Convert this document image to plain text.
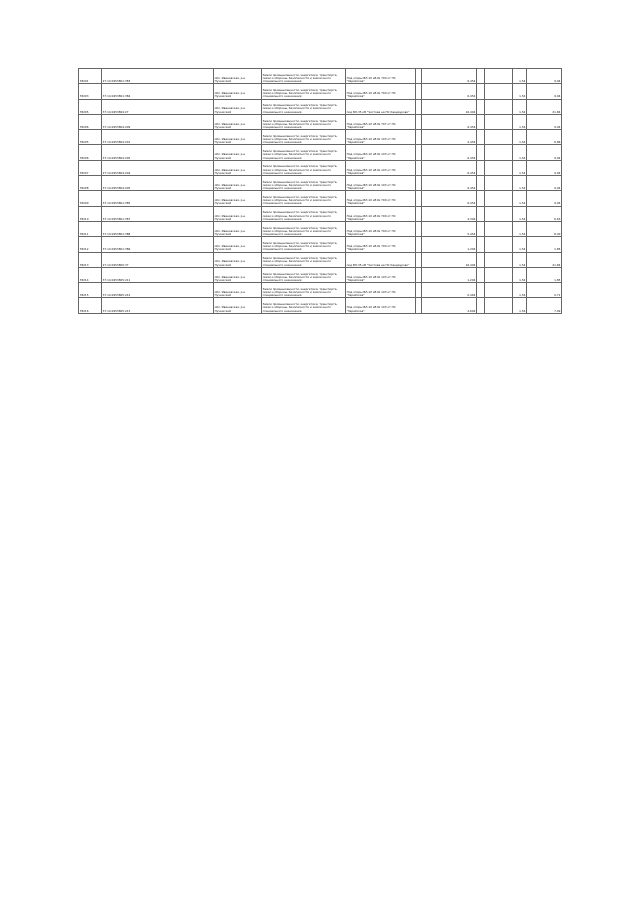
78201	27:14:0453801:383	обл. Ивановская, р-н Пучежский	Земли промышленности, энергетики, транспорта, связи и обороны, безопасности и земли иного специального назначения	Под опоры ВЛ-10 кВ № 700 от ПС "Зарайская"		6,454			1,54	9,94
78203	37:14:0453801:384	обл. Ивановская, р-н Пучежский	Земли промышленности, энергетики, транспорта, связи и обороны, безопасности и земли иного специального назначения	Под опоры ВЛ-10 кВ № 700 от ПС "Зарайская"		6,454			1,54	9,94
78205	37:14:0453804:27	обл. Ивановская, р-н Пучежский	Земли промышленности, энергетики, транспорта, связи и обороны, безопасности и земли иного специального назначения	под ВЛ-35 кВ "Чистова на ПС Кандаурово"		16,404			1,54	21,84
78206	37:14:0453804:209	обл. Ивановская, р-н Пучежский	Земли промышленности, энергетики, транспорта, связи и обороны, безопасности и земли иного специального назначения	Под опоры ВЛ-10 кВ № 707 от ПС "Зарайская"		6,454			1,54	9,94
78205	37:14:0453804:201	обл. Ивановская, р-н Пучежский	Земли промышленности, энергетики, транспорта, связи и обороны, безопасности и земли иного специального назначения	Под опоры ВЛ-10 кВ № 103 от ПС "Зарайская"		4,454			1,54	6,86
78206	37:14:0453804:205	обл. Ивановская, р-н Пучежский	Земли промышленности, энергетики, транспорта, связи и обороны, безопасности и земли иного специального назначения	Под опоры ВЛ-10 кВ № 103 от ПС "Зарайская"		6,454			1,54	9,94
78207	27:14:0453804:204	обл. Ивановская, р-н Пучежский	Земли промышленности, энергетики, транспорта, связи и обороны, безопасности и земли иного специального назначения	Под опоры ВЛ-10 кВ № 103 от ПС "Зарайская"		6,454			1,54	9,94
78208	37:14:0453804:205	обл. Ивановская, р-н Пучежский	Земли промышленности, энергетики, транспорта, связи и обороны, безопасности и земли иного специального назначения	Под опоры ВЛ-10 кВ № 103 от ПС "Зарайская"		6,454			1,54	9,94
78209	37:14:0453801:385	обл. Ивановская, р-н Пучежский	Земли промышленности, энергетики, транспорта, связи и обороны, безопасности и земли иного специального назначения	Под опоры ВЛ-10 кВ № 700 от ПС "Зарайская"		6,454			1,54	9,94
78210	37:14:0453801:387	обл. Ивановская, р-н Пучежский	Земли промышленности, энергетики, транспорта, связи и обороны, безопасности и земли иного специального назначения	Под опоры ВЛ-10 кВ № 700 от ПС "Зарайская"		4,304			1,54	6,63
78211	37:14:0453801:388	обл. Ивановская, р-н Пучежский	Земли промышленности, энергетики, транспорта, связи и обороны, безопасности и земли иного специального назначения	Под опоры ВЛ-10 кВ № 700 от ПС "Зарайская"		5,454			1,54	8,40
78212	37:14:0453801:389	обл. Ивановская, р-н Пучежский	Земли промышленности, энергетики, транспорта, связи и обороны, безопасности и земли иного специального назначения	Под опоры ВЛ-10 кВ № 700 от ПС "Зарайская"		1,204			1,54	1,85
78213	27:14:0453805:37	обл. Ивановская, р-н Пучежский	Земли промышленности, энергетики, транспорта, связи и обороны, безопасности и земли иного специального назначения	под ВЛ-35 кВ "Чистова на ПС Кандаурово"		16,404			1,54	21,84
78214	37:14:0453805:211	обл. Ивановская, р-н Пучежский	Земли промышленности, энергетики, транспорта, связи и обороны, безопасности и земли иного специального назначения	Под опоры ВЛ-10 кВ № 103 от ПС "Зарайская"		1,204			1,54	1,85
78215	37:14:0453805:212	обл. Ивановская, р-н Пучежский	Земли промышленности, энергетики, транспорта, связи и обороны, безопасности и земли иного специального назначения	Под опоры ВЛ-10 кВ № 103 от ПС "Зарайская"		0,464			1,54	0,71
78216	37:14:0453805:213	обл. Ивановская, р-н Пучежский	Земли промышленности, энергетики, транспорта, связи и обороны, безопасности и земли иного специального назначения	Под опоры ВЛ-10 кВ № 103 от ПС "Зарайская"		4,604			1,54	7,09
